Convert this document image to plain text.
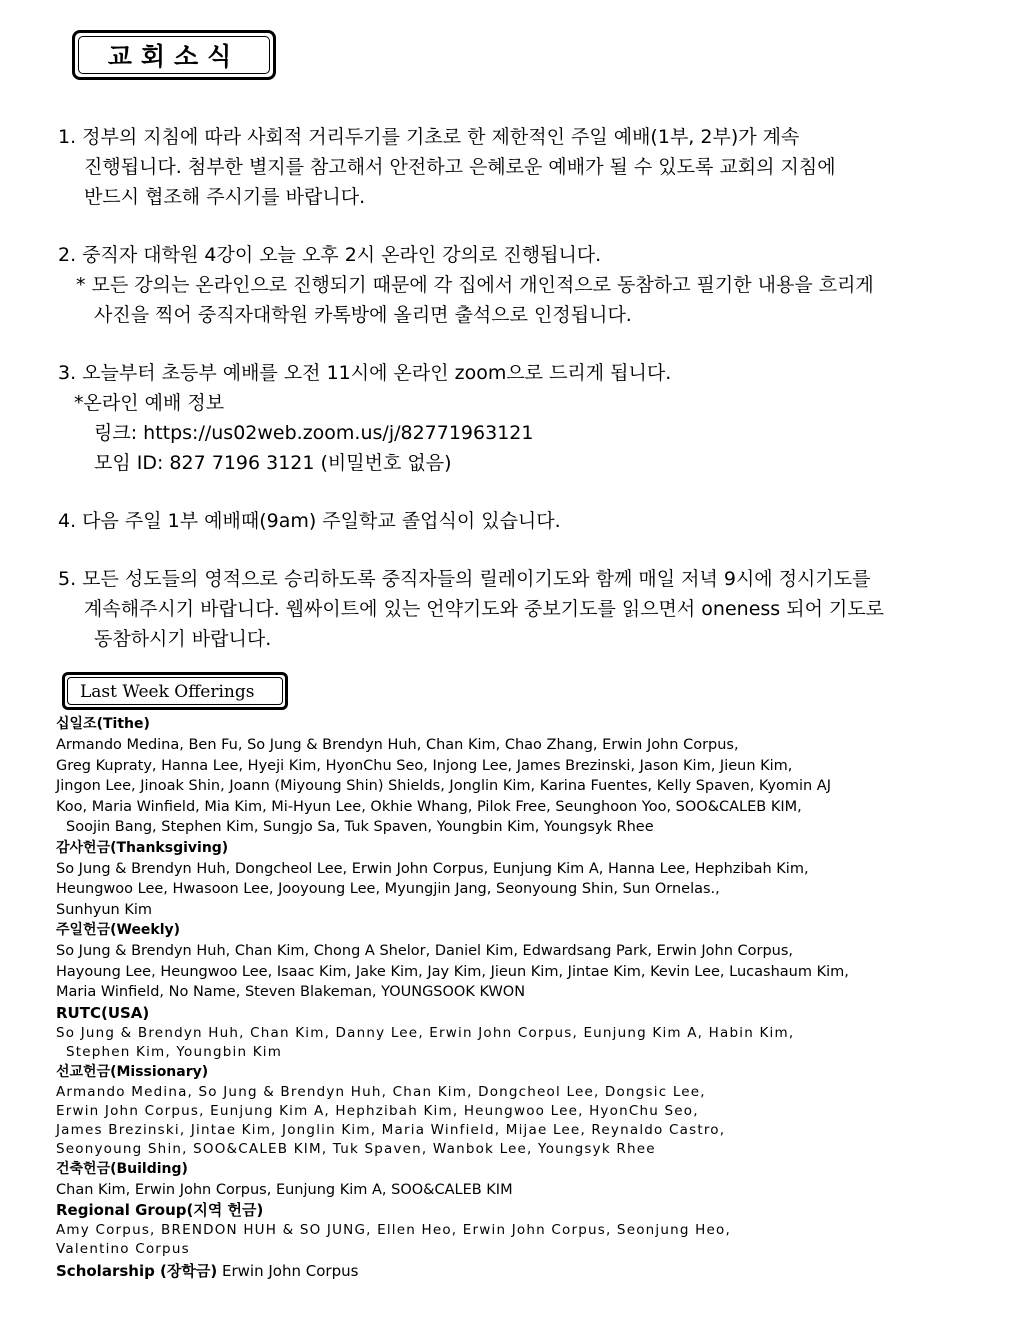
교회소식
1. 정부의 지침에 따라 사회적 거리두기를 기초로 한 제한적인 주일 예배(1부, 2부)가 계속
진행됩니다. 첨부한 별지를 참고해서 안전하고 은혜로운 예배가 될 수 있도록 교회의 지침에
반드시 협조해 주시기를 바랍니다.
2. 중직자 대학원 4강이 오늘 오후 2시 온라인 강의로 진행됩니다.
* 모든 강의는 온라인으로 진행되기 때문에 각 집에서 개인적으로 동참하고 필기한 내용을 흐리게
사진을 찍어 중직자대학원 카톡방에 올리면 출석으로 인정됩니다.
3. 오늘부터 초등부 예배를 오전 11시에 온라인 zoom으로 드리게 됩니다.
*온라인 예배 정보
링크: https://us02web.zoom.us/j/82771963121
모임 ID: 827 7196 3121 (비밀번호 없음)
4. 다음 주일 1부 예배때(9am) 주일학교 졸업식이 있습니다.
5. 모든 성도들의 영적으로 승리하도록 중직자들의 릴레이기도와 함께 매일 저녁 9시에 정시기도를
계속해주시기 바랍니다. 웹싸이트에 있는 언약기도와 중보기도를 읽으면서 oneness 되어 기도로
동참하시기 바랍니다.
Last Week Offerings
십일조(Tithe)
Armando Medina, Ben Fu, So Jung & Brendyn Huh, Chan Kim, Chao Zhang, Erwin John Corpus,
Greg Kupraty, Hanna Lee, Hyeji Kim, HyonChu Seo, Injong Lee, James Brezinski, Jason Kim, Jieun Kim,
Jingon Lee, Jinoak Shin, Joann (Miyoung Shin) Shields, Jonglin Kim, Karina Fuentes, Kelly Spaven, Kyomin AJ
Koo, Maria Winfield, Mia Kim, Mi-Hyun Lee, Okhie Whang, Pilok Free, Seunghoon Yoo, SOO&CALEB KIM,
Soojin Bang, Stephen Kim, Sungjo Sa, Tuk Spaven, Youngbin Kim, Youngsyk Rhee
감사헌금(Thanksgiving)
So Jung & Brendyn Huh, Dongcheol Lee, Erwin John Corpus, Eunjung Kim A, Hanna Lee, Hephzibah Kim,
Heungwoo Lee, Hwasoon Lee, Jooyoung Lee, Myungjin Jang, Seonyoung Shin, Sun Ornelas.,
Sunhyun Kim
주일헌금(Weekly)
So Jung & Brendyn Huh, Chan Kim, Chong A Shelor, Daniel Kim, Edwardsang Park, Erwin John Corpus,
Hayoung Lee, Heungwoo Lee, Isaac Kim, Jake Kim, Jay Kim, Jieun Kim, Jintae Kim, Kevin Lee, Lucashaum Kim,
Maria Winfield, No Name, Steven Blakeman, YOUNGSOOK KWON
RUTC(USA)
So Jung & Brendyn Huh, Chan Kim, Danny Lee, Erwin John Corpus, Eunjung Kim A, Habin Kim,
Stephen Kim, Youngbin Kim
선교헌금(Missionary)
Armando Medina, So Jung & Brendyn Huh, Chan Kim, Dongcheol Lee, Dongsic Lee,
Erwin John Corpus, Eunjung Kim A, Hephzibah Kim, Heungwoo Lee, HyonChu Seo,
James Brezinski, Jintae Kim, Jonglin Kim, Maria Winfield, Mijae Lee, Reynaldo Castro,
Seonyoung Shin, SOO&CALEB KIM, Tuk Spaven, Wanbok Lee, Youngsyk Rhee
건축헌금(Building)
Chan Kim, Erwin John Corpus, Eunjung Kim A, SOO&CALEB KIM
Regional Group(지역 헌금)
Amy Corpus, BRENDON HUH & SO JUNG, Ellen Heo, Erwin John Corpus, Seonjung Heo,
Valentino Corpus
Scholarship (장학금) Erwin John Corpus
